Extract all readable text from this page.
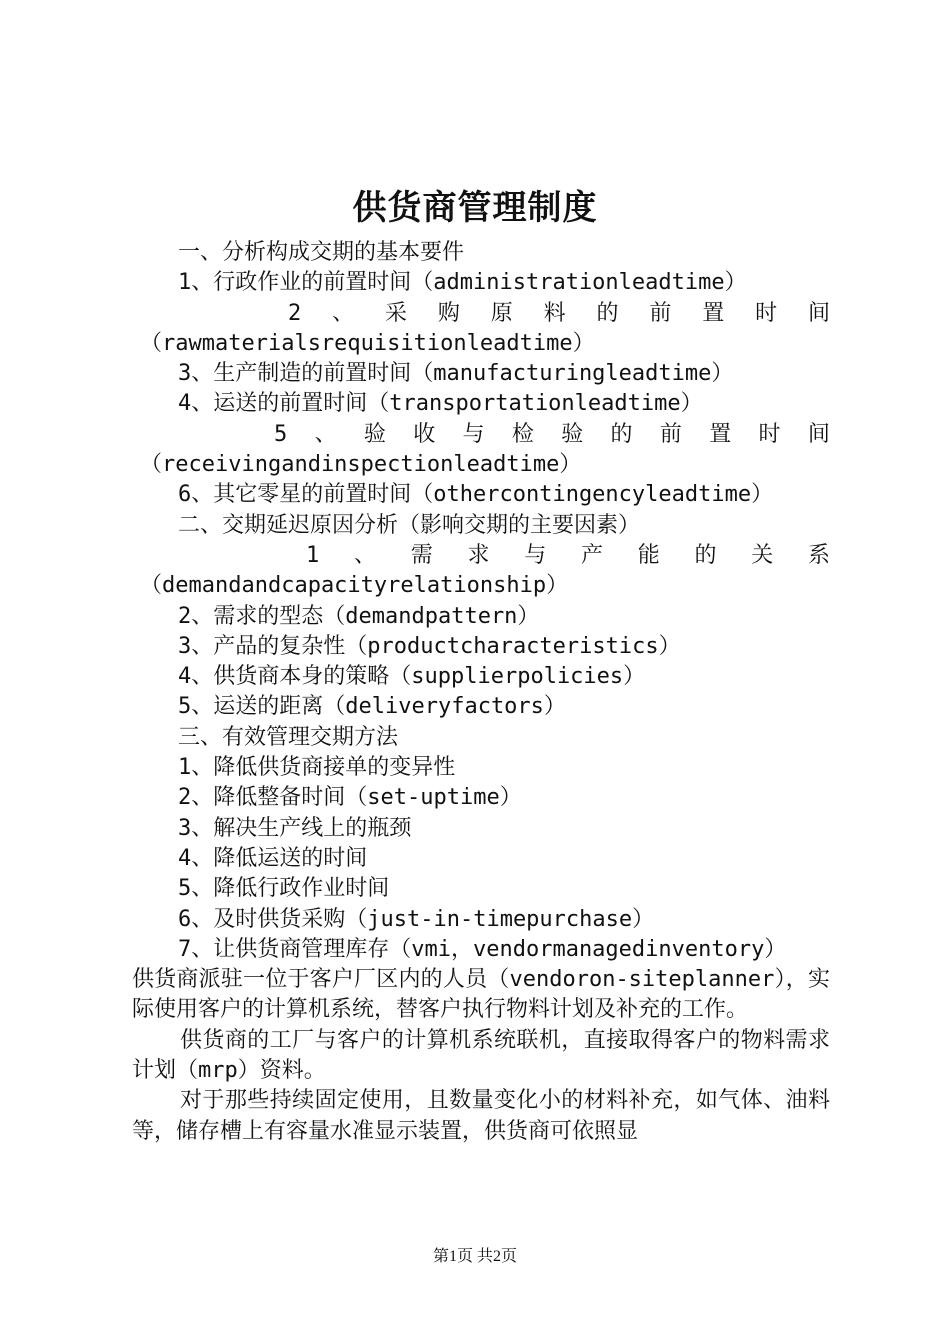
供货商管理制度

一、分析构成交期的基本要件

1、行政作业的前置时间（administrationleadtime）

2 、 采 购 原 料 的 前 置 时 间

（rawmaterialsrequisitionleadtime）

3、生产制造的前置时间（manufacturingleadtime）

4、运送的前置时间（transportationleadtime）

5 、 验 收 与 检 验 的 前 置 时 间

（receivingandinspectionleadtime）

6、其它零星的前置时间（othercontingencyleadtime）

二、交期延迟原因分析（影响交期的主要因素）

1 、 需 求 与 产 能 的 关 系

（demandandcapacityrelationship）

2、需求的型态（demandpattern）

3、产品的复杂性（productcharacteristics）

4、供货商本身的策略（supplierpolicies）

5、运送的距离（deliveryfactors）

三、有效管理交期方法

1、降低供货商接单的变异性

2、降低整备时间（set-uptime）

3、解决生产线上的瓶颈

4、降低运送的时间

5、降低行政作业时间

6、及时供货采购（just-in-timepurchase）

7、让供货商管理库存（vmi，vendormanagedinventory）

供货商派驻一位于客户厂区内的人员（vendoron-siteplanner），实际使用客户的计算机系统，替客户执行物料计划及补充的工作。

供货商的工厂与客户的计算机系统联机，直接取得客户的物料需求计划（mrp）资料。

对于那些持续固定使用，且数量变化小的材料补充，如气体、油料等，储存槽上有容量水准显示装置，供货商可依照显

第1页 共2页
